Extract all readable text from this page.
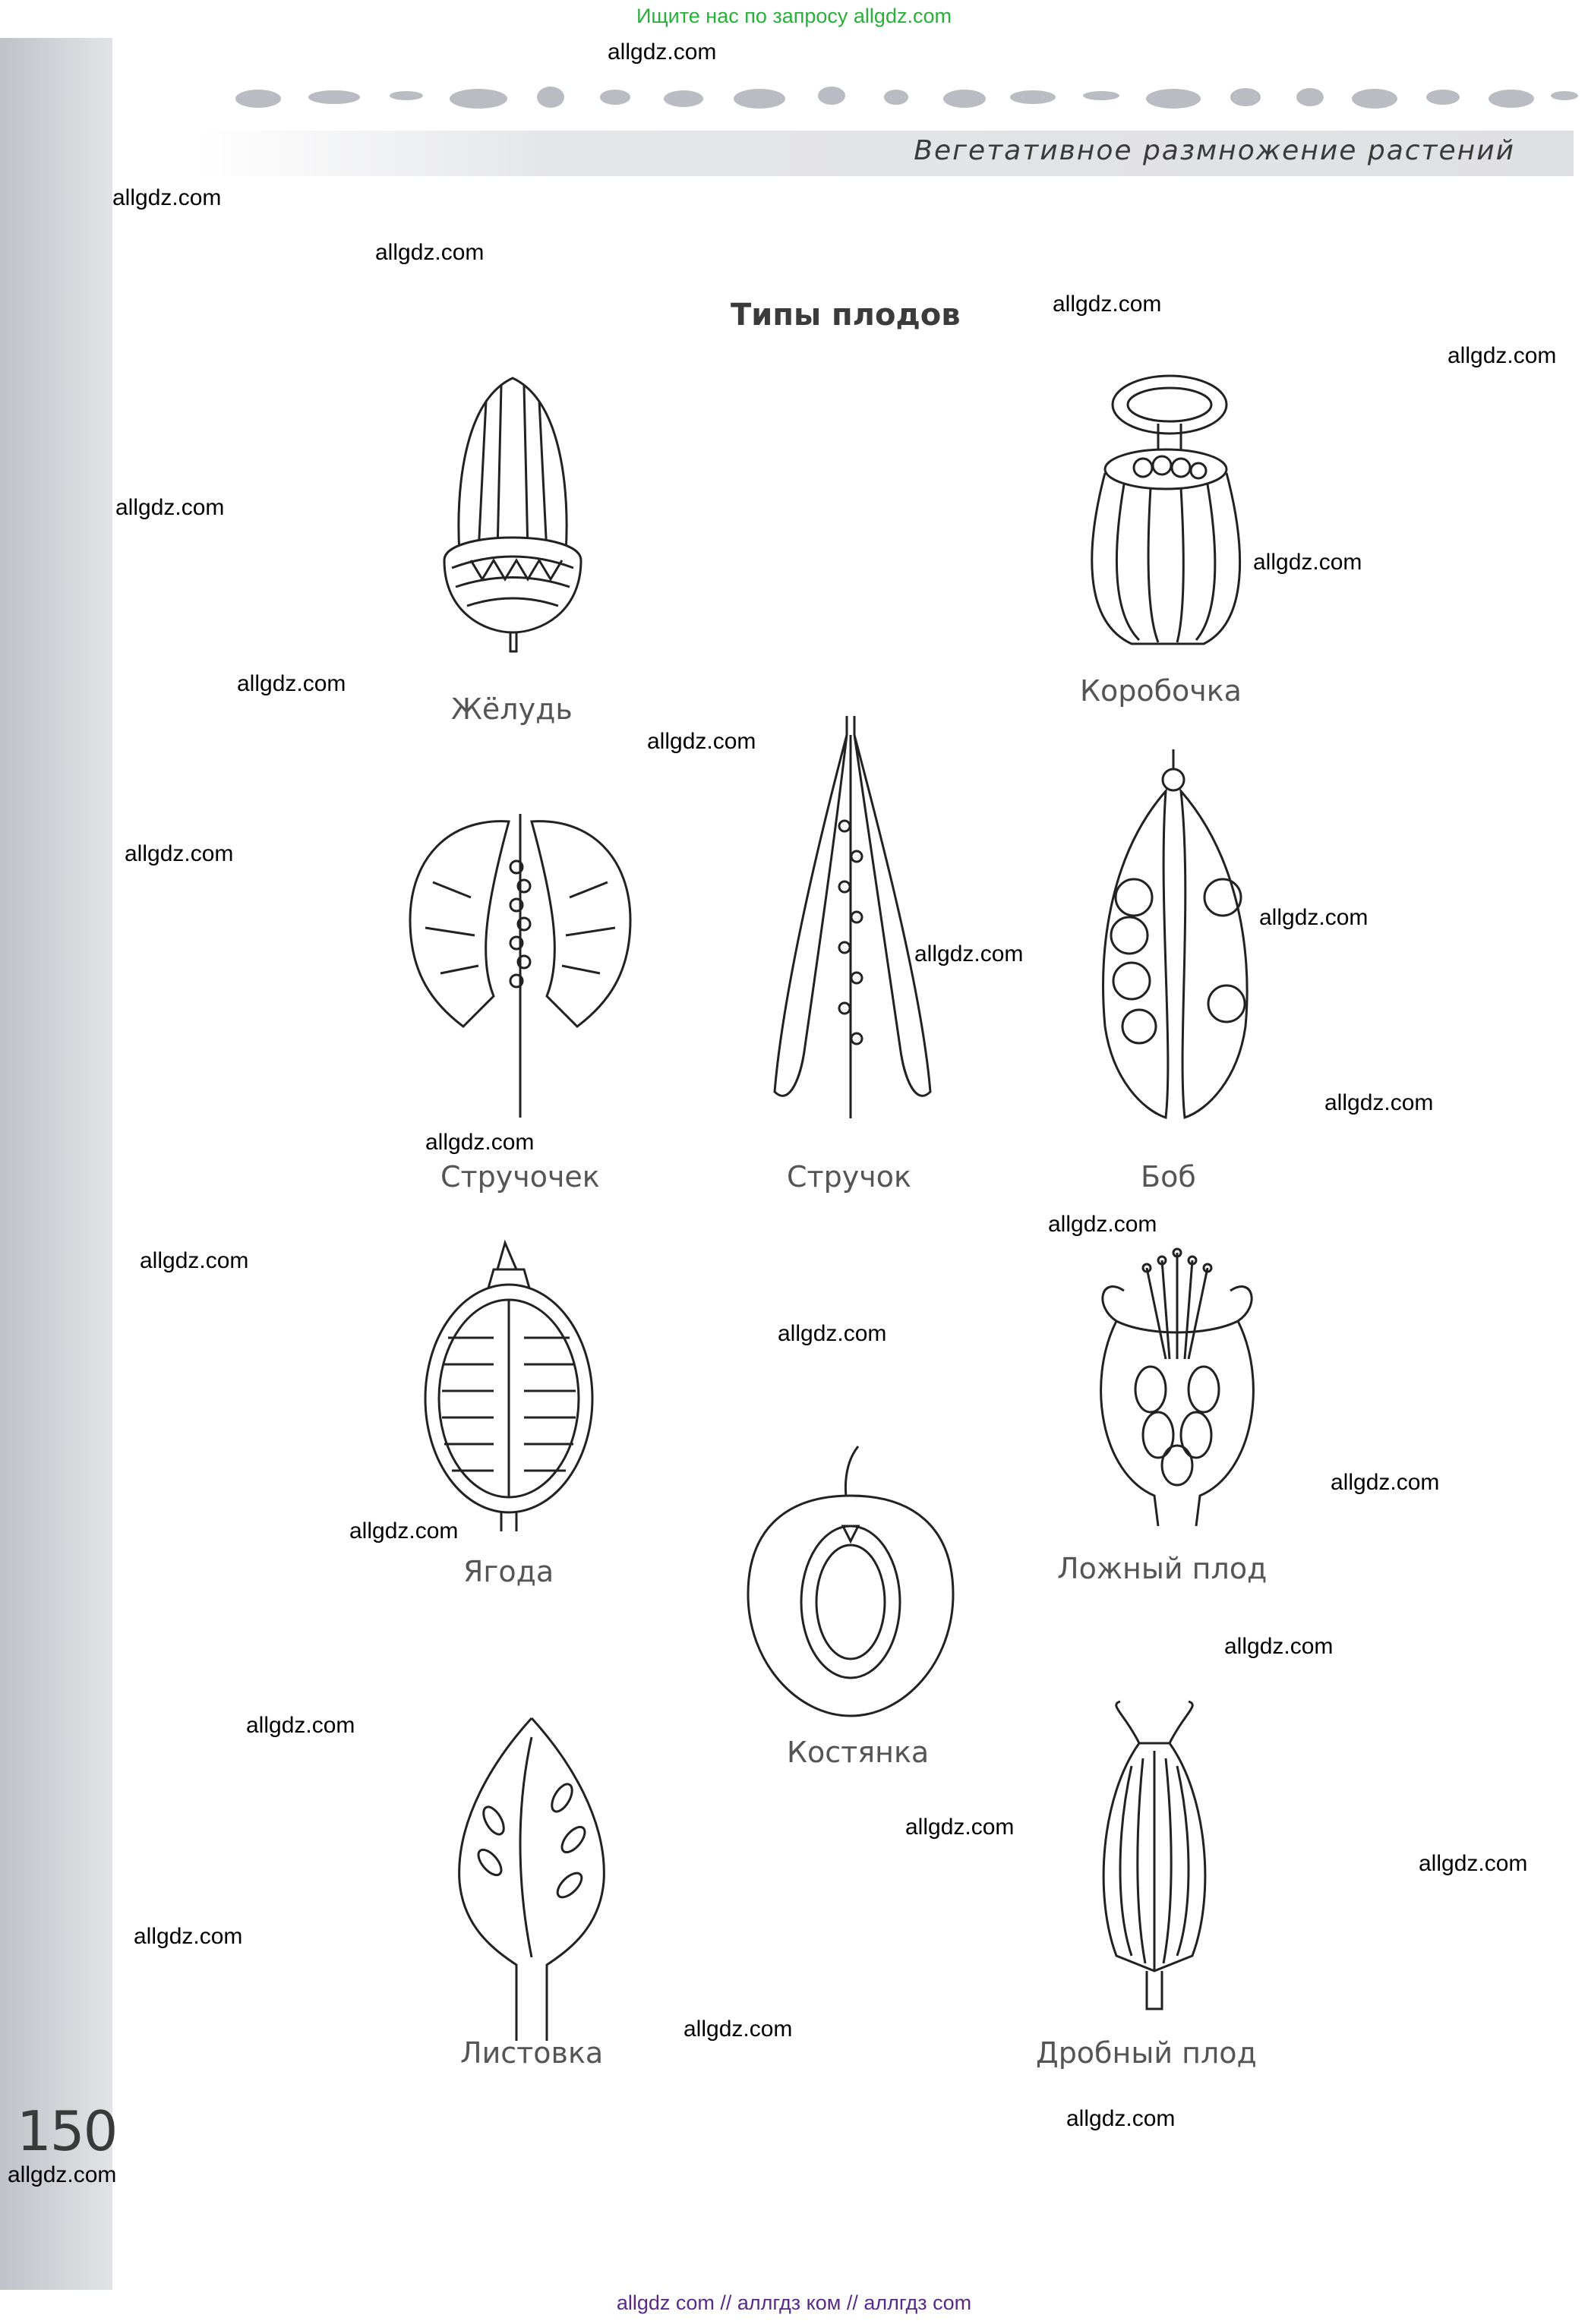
Ищите нас по запросу allgdz.com
150
Вегетативное размножение растений
Типы плодов
Жёлудь
Коробочка
Стручочек	Стручок	Боб
Ягода
Костянка
Ложный плод
Листовка	Дробный плод
allgdz.com
allgdz.com
allgdz.com
allgdz.com
allgdz.com
allgdz.com
allgdz.com
allgdz.com
allgdz.com
allgdz.com
allgdz.com
allgdz.com
allgdz.com
allgdz.com
allgdz.com
allgdz.com
allgdz.com
allgdz.com
allgdz.com
allgdz.com
allgdz.com
allgdz.com
allgdz.com
allgdz.com
allgdz.com
allgdz.com
allgdz.com
allgdz com // аллгдз ком // аллгдз com
